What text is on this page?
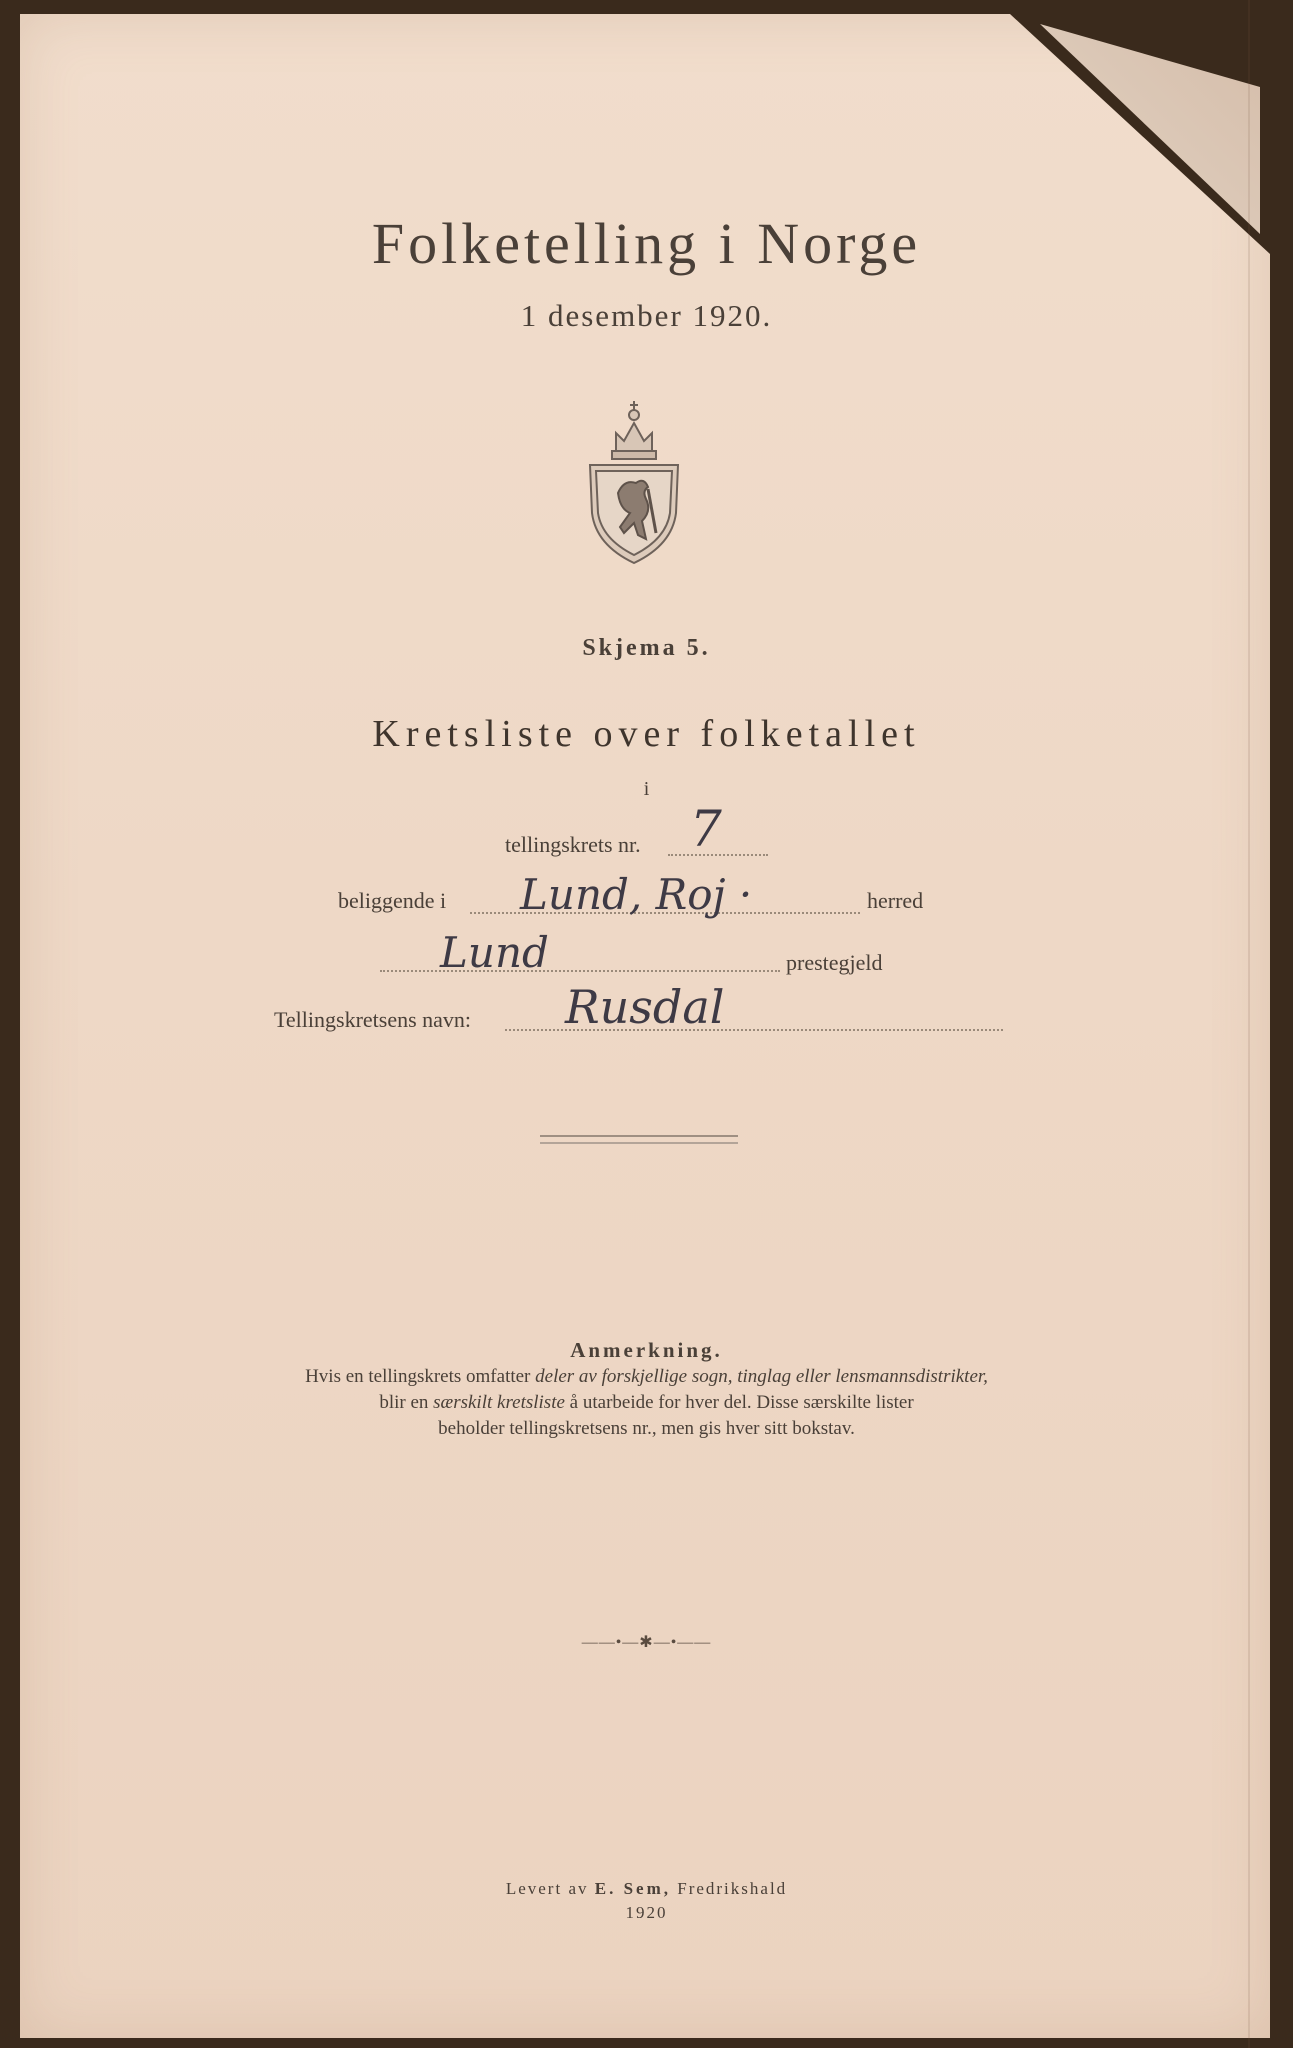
Folketelling i Norge
1 desember 1920.
Skjema 5.
Kretsliste over folketallet
i
tellingskrets nr. 7
beliggende i Lund, Roj ·	herred
Lund	prestegjeld
Tellingskretsens navn: Rusdal
Anmerkning.
Hvis en tellingskrets omfatter deler av forskjellige sogn, tinglag eller lensmannsdistrikter,
blir en særskilt kretsliste å utarbeide for hver del. Disse særskilte lister
beholder tellingskretsens nr., men gis hver sitt bokstav.
——•—✱—•——
Levert av E. Sem, Fredrikshald
1920
